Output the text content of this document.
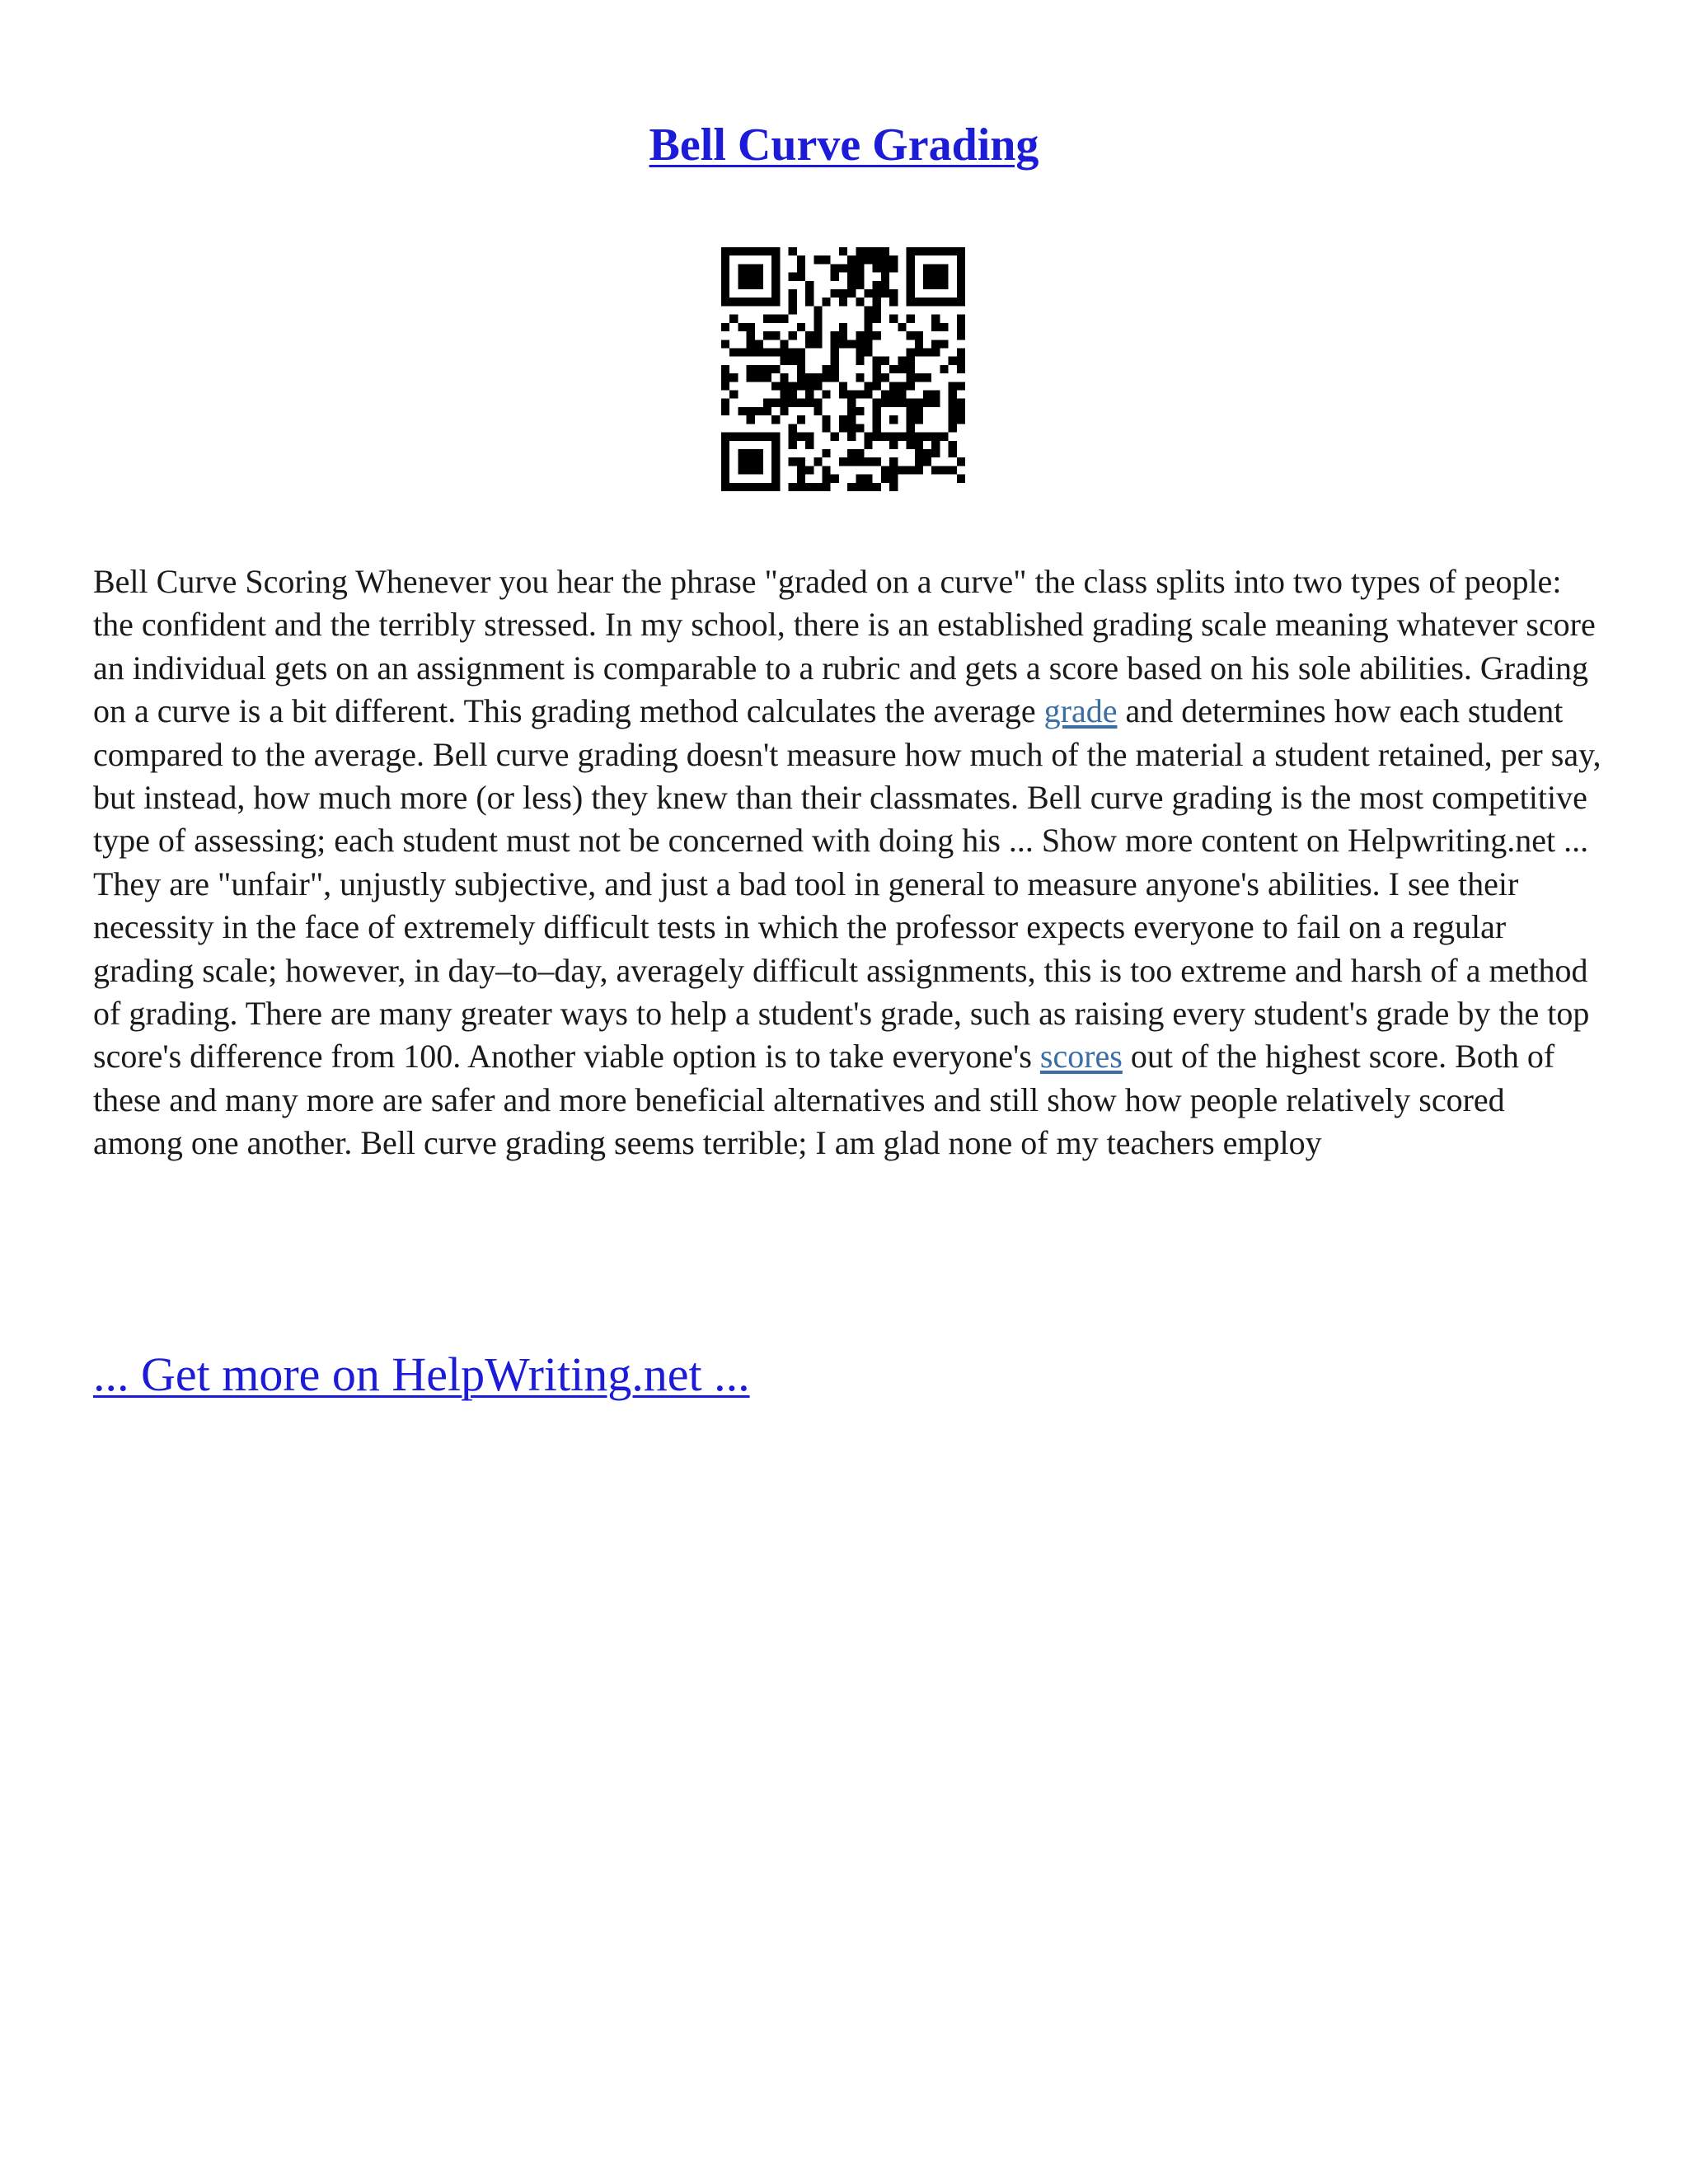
Bell Curve Grading

Bell Curve Scoring Whenever you hear the phrase "graded on a curve" the class splits into two types of people: the confident and the terribly stressed. In my school, there is an established grading scale meaning whatever score an individual gets on an assignment is comparable to a rubric and gets a score based on his sole abilities. Grading on a curve is a bit different. This grading method calculates the average grade and determines how each student compared to the average. Bell curve grading doesn't measure how much of the material a student retained, per say, but instead, how much more (or less) they knew than their classmates. Bell curve grading is the most competitive type of assessing; each student must not be concerned with doing his ... Show more content on Helpwriting.net ...

They are "unfair", unjustly subjective, and just a bad tool in general to measure anyone's abilities. I see their necessity in the face of extremely difficult tests in which the professor expects everyone to fail on a regular grading scale; however, in day–to–day, averagely difficult assignments, this is too extreme and harsh of a method of grading. There are many greater ways to help a student's grade, such as raising every student's grade by the top score's difference from 100. Another viable option is to take everyone's scores out of the highest score. Both of these and many more are safer and more beneficial alternatives and still show how people relatively scored among one another. Bell curve grading seems terrible; I am glad none of my teachers employ

... Get more on HelpWriting.net ...
